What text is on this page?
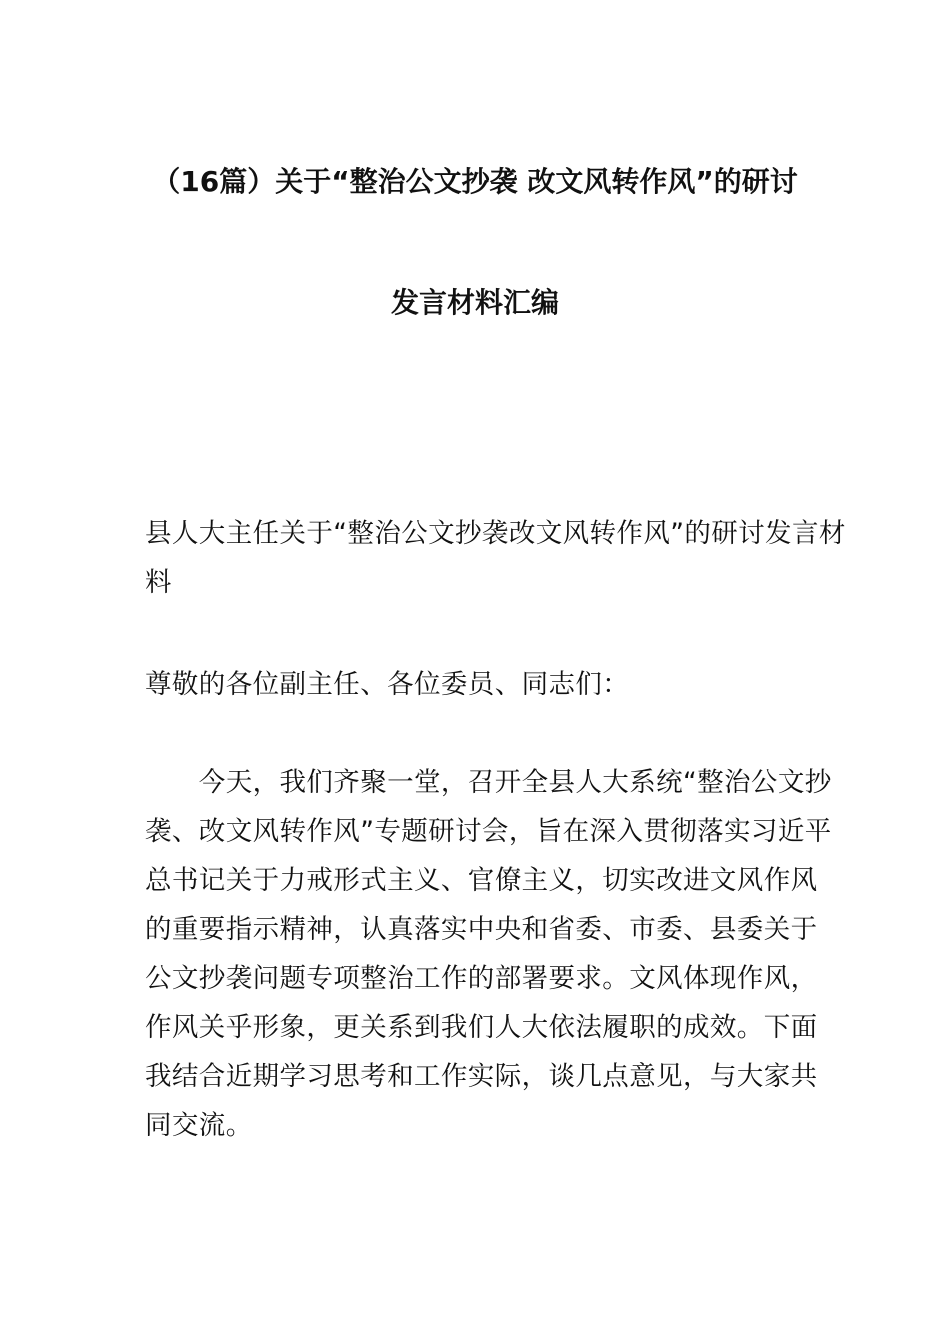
（16篇）关于“整治公文抄袭 改文风转作风”的研讨
发言材料汇编
县人大主任关于“整治公文抄袭改文风转作风”的研讨发言材
料
尊敬的各位副主任、各位委员、同志们：
　　今天，我们齐聚一堂，召开全县人大系统“整治公文抄
袭、改文风转作风”专题研讨会，旨在深入贯彻落实习近平
总书记关于力戒形式主义、官僚主义，切实改进文风作风
的重要指示精神，认真落实中央和省委、市委、县委关于
公文抄袭问题专项整治工作的部署要求。文风体现作风，
作风关乎形象，更关系到我们人大依法履职的成效。下面
我结合近期学习思考和工作实际，谈几点意见，与大家共
同交流。
